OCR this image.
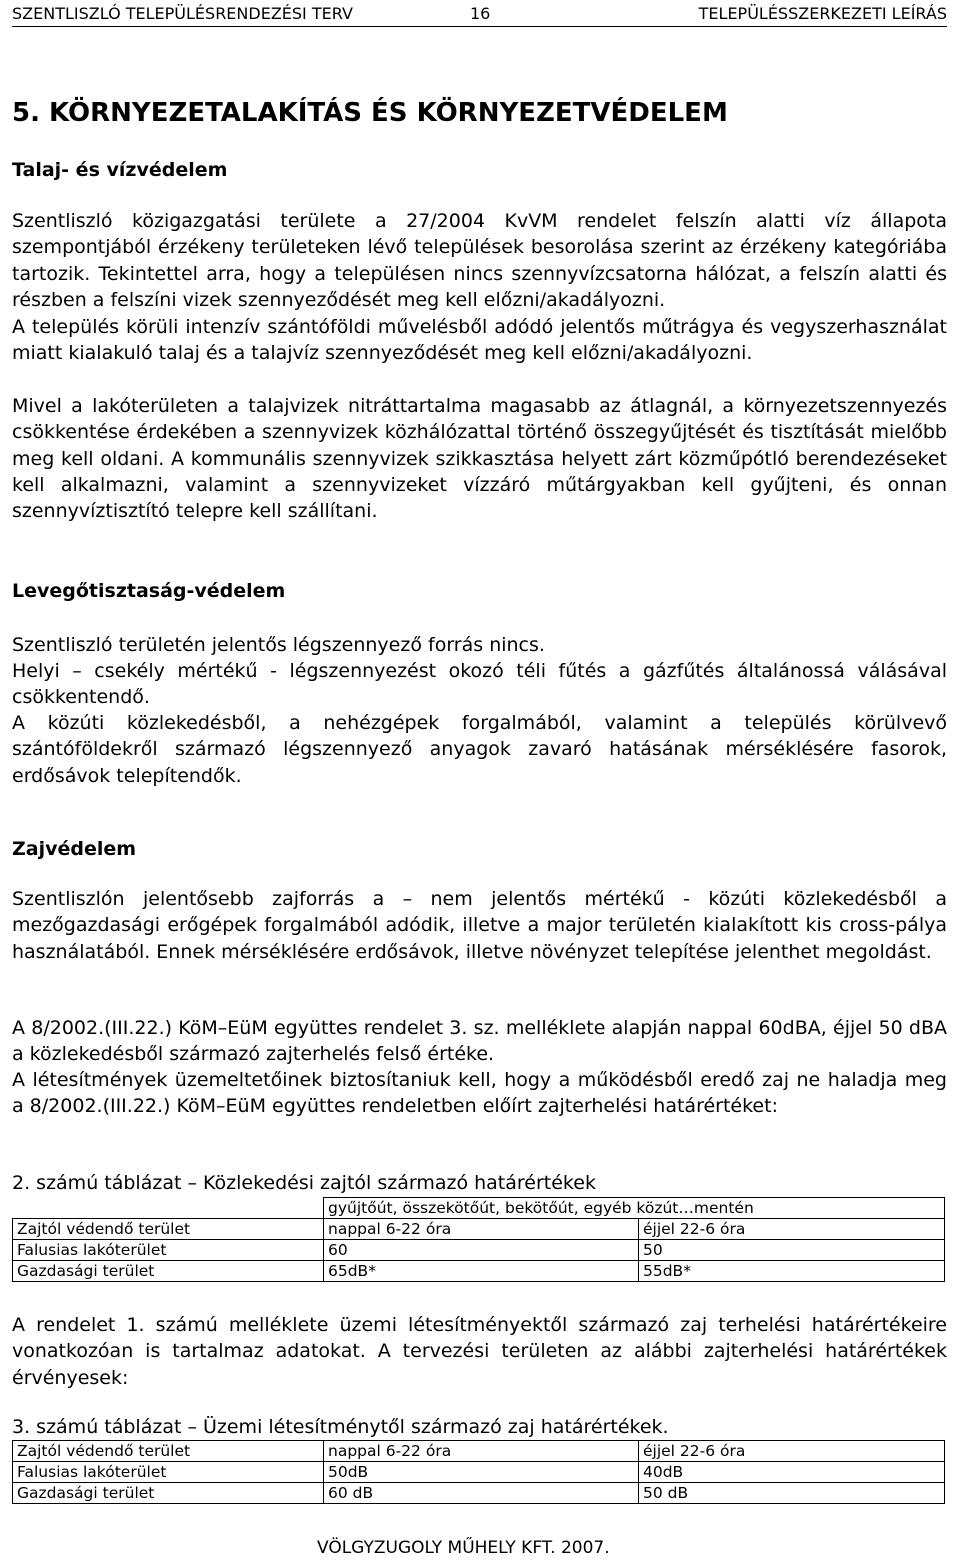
SZENTLISZLÓ TELEPÜLÉSRENDEZÉSI TERV	16	TELEPÜLÉSSZERKEZETI LEÍRÁS
5. KÖRNYEZETALAKÍTÁS ÉS KÖRNYEZETVÉDELEM
Talaj- és vízvédelem

Szentliszló közigazgatási területe a 27/2004 KvVM rendelet felszín alatti víz állapota szempontjából érzékeny területeken lévő települések besorolása szerint az érzékeny kategóriába tartozik. Tekintettel arra, hogy a településen nincs szennyvízcsatorna hálózat, a felszín alatti és részben a felszíni vizek szennyeződését meg kell előzni/akadályozni.

A település körüli intenzív szántóföldi művelésből adódó jelentős műtrágya és vegyszerhasználat miatt kialakuló talaj és a talajvíz szennyeződését meg kell előzni/akadályozni.

Mivel a lakóterületen a talajvizek nitráttartalma magasabb az átlagnál, a környezetszennyezés csökkentése érdekében a szennyvizek közhálózattal történő összegyűjtését és tisztítását mielőbb meg kell oldani. A kommunális szennyvizek szikkasztása helyett zárt közműpótló berendezéseket kell alkalmazni, valamint a szennyvizeket vízzáró műtárgyakban kell gyűjteni, és onnan szennyvíztisztító telepre kell szállítani.

Levegőtisztaság-védelem

Szentliszló területén jelentős légszennyező forrás nincs.

Helyi – csekély mértékű - légszennyezést okozó téli fűtés a gázfűtés általánossá válásával csökkentendő.

A közúti közlekedésből, a nehézgépek forgalmából, valamint a település körülvevő szántóföldekről származó légszennyező anyagok zavaró hatásának mérséklésére fasorok, erdősávok telepítendők.

Zajvédelem

Szentliszlón jelentősebb zajforrás a – nem jelentős mértékű - közúti közlekedésből a mezőgazdasági erőgépek forgalmából adódik, illetve a major területén kialakított kis cross-pálya használatából. Ennek mérséklésére erdősávok, illetve növényzet telepítése jelenthet megoldást.

A 8/2002.(III.22.) KöM–EüM együttes rendelet 3. sz. melléklete alapján nappal 60dBA, éjjel 50 dBA a közlekedésből származó zajterhelés felső értéke.

A létesítmények üzemeltetőinek biztosítaniuk kell, hogy a működésből eredő zaj ne haladja meg a 8/2002.(III.22.) KöM–EüM együttes rendeletben előírt zajterhelési határértéket:

2. számú táblázat – Közlekedési zajtól származó határértékek
	gyűjtőút, összekötőút, bekötőút, egyéb közút…mentén	
Zajtól védendő terület	nappal 6-22 óra	éjjel 22-6 óra
Falusias lakóterület	60	50
Gazdasági terület	65dB*	55dB*

A rendelet 1. számú melléklete üzemi létesítményektől származó zaj terhelési határértékeire vonatkozóan is tartalmaz adatokat. A tervezési területen az alábbi zajterhelési határértékek érvényesek:

3. számú táblázat – Üzemi létesítménytől származó zaj határértékek.
Zajtól védendő terület	nappal 6-22 óra	éjjel 22-6 óra
Falusias lakóterület	50dB	40dB
Gazdasági terület	60 dB	50 dB
VÖLGYZUGOLY MŰHELY KFT. 2007.
